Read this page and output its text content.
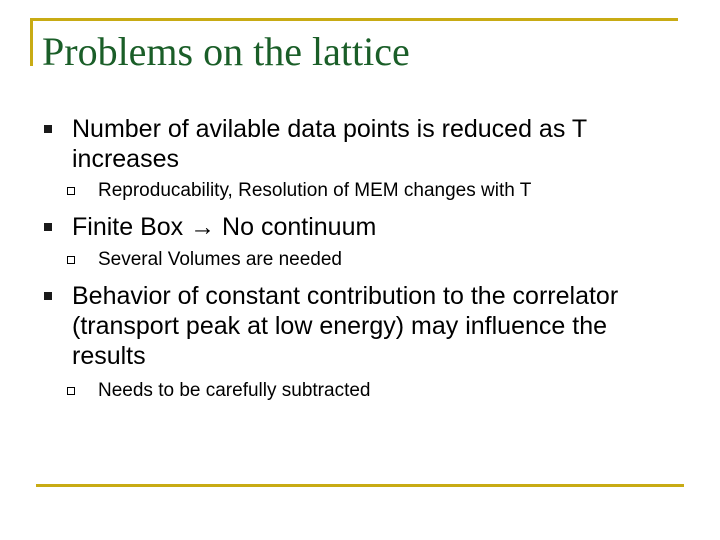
Problems on the lattice
Number of avilable data points is reduced as T increases
Reproducability, Resolution of MEM changes with T
Finite Box → No continuum
Several Volumes are needed
Behavior of constant contribution to the correlator (transport peak at low energy) may influence the results
Needs to be carefully subtracted
